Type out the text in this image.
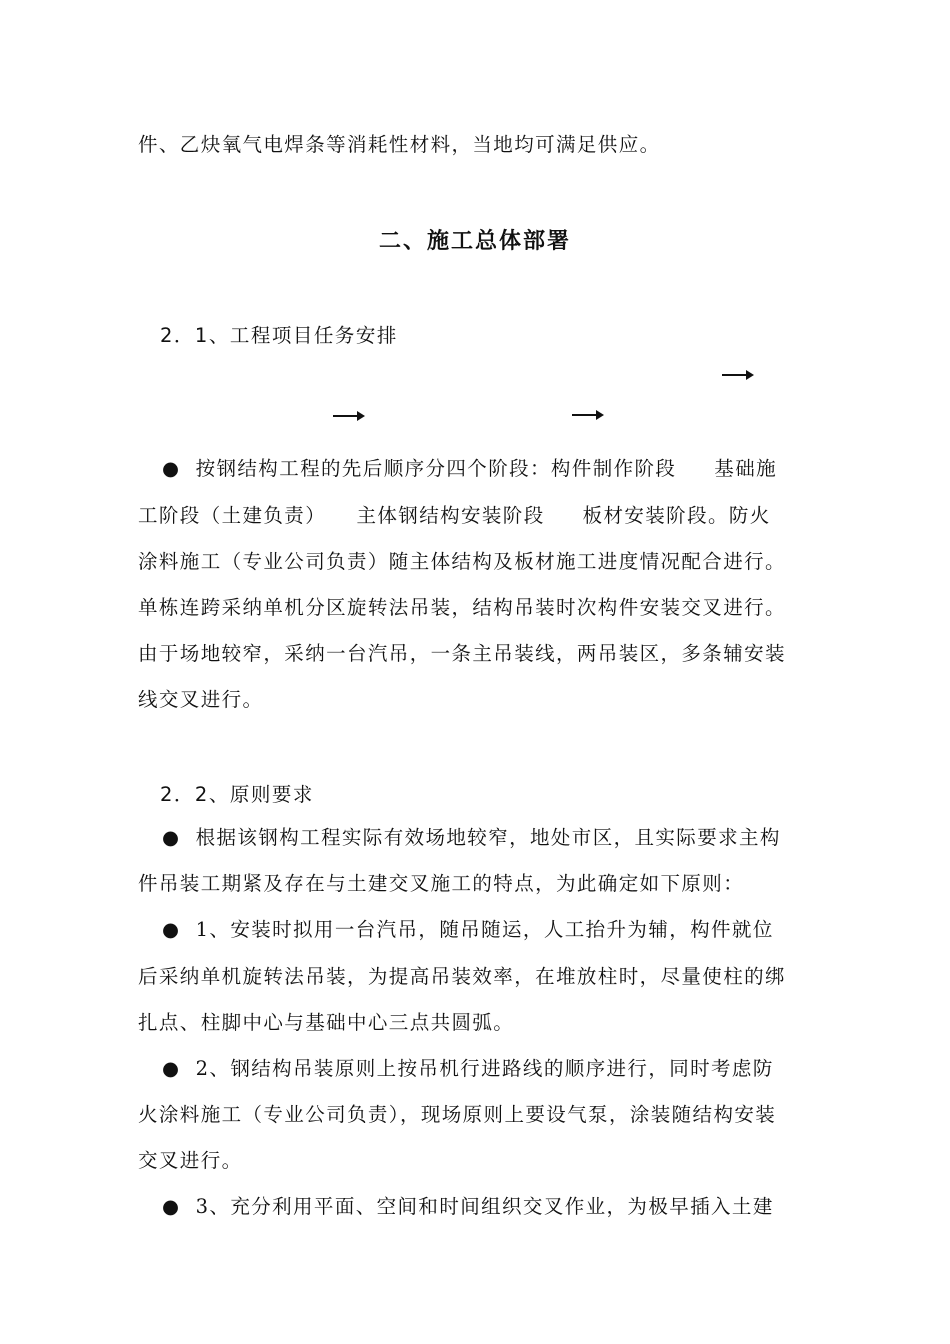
件、乙炔氧气电焊条等消耗性材料，当地均可满足供应。
二、施工总体部署
2．1、工程项目任务安排
●  按钢结构工程的先后顺序分四个阶段：构件制作阶段     基础施
工阶段（土建负责）    主体钢结构安装阶段     板材安装阶段。防火
涂料施工（专业公司负责）随主体结构及板材施工进度情况配合进行。
单栋连跨采纳单机分区旋转法吊装，结构吊装时次构件安装交叉进行。
由于场地较窄，采纳一台汽吊，一条主吊装线，两吊装区，多条辅安装
线交叉进行。
2．2、原则要求
●  根据该钢构工程实际有效场地较窄，地处市区，且实际要求主构
件吊装工期紧及存在与土建交叉施工的特点，为此确定如下原则：
●  1、安装时拟用一台汽吊，随吊随运，人工抬升为辅，构件就位
后采纳单机旋转法吊装，为提高吊装效率，在堆放柱时，尽量使柱的绑
扎点、柱脚中心与基础中心三点共圆弧。
●  2、钢结构吊装原则上按吊机行进路线的顺序进行，同时考虑防
火涂料施工（专业公司负责），现场原则上要设气泵，涂装随结构安装
交叉进行。
●  3、充分利用平面、空间和时间组织交叉作业，为极早插入土建
